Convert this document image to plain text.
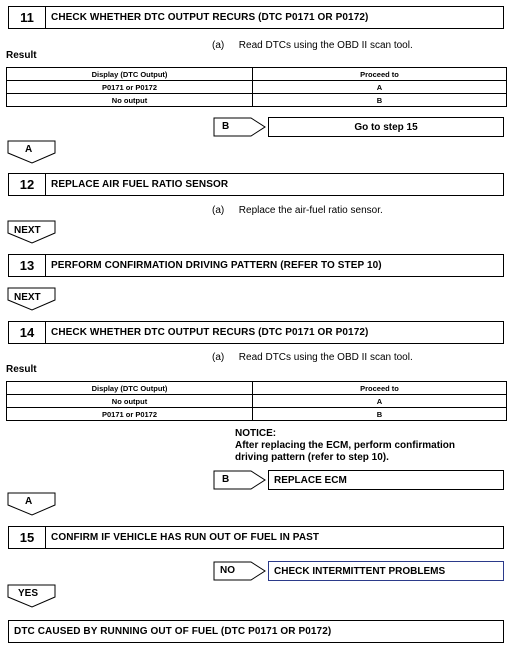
11	CHECK WHETHER DTC OUTPUT RECURS (DTC P0171 OR P0172)
(a) Read DTCs using the OBD II scan tool.
Result
Display (DTC Output)	Proceed to
P0171 or P0172	A
No output	B
B	Go to step 15
A
12	REPLACE AIR FUEL RATIO SENSOR
(a) Replace the air-fuel ratio sensor.
NEXT
13	PERFORM CONFIRMATION DRIVING PATTERN (REFER TO STEP 10)
NEXT
14	CHECK WHETHER DTC OUTPUT RECURS (DTC P0171 OR P0172)
(a) Read DTCs using the OBD II scan tool.
Result
Display (DTC Output)	Proceed to
No output	A
P0171 or P0172	B
NOTICE:
After replacing the ECM, perform confirmation driving pattern (refer to step 10).
B	REPLACE ECM
A
15	CONFIRM IF VEHICLE HAS RUN OUT OF FUEL IN PAST
NO	CHECK INTERMITTENT PROBLEMS
YES
DTC CAUSED BY RUNNING OUT OF FUEL (DTC P0171 OR P0172)
